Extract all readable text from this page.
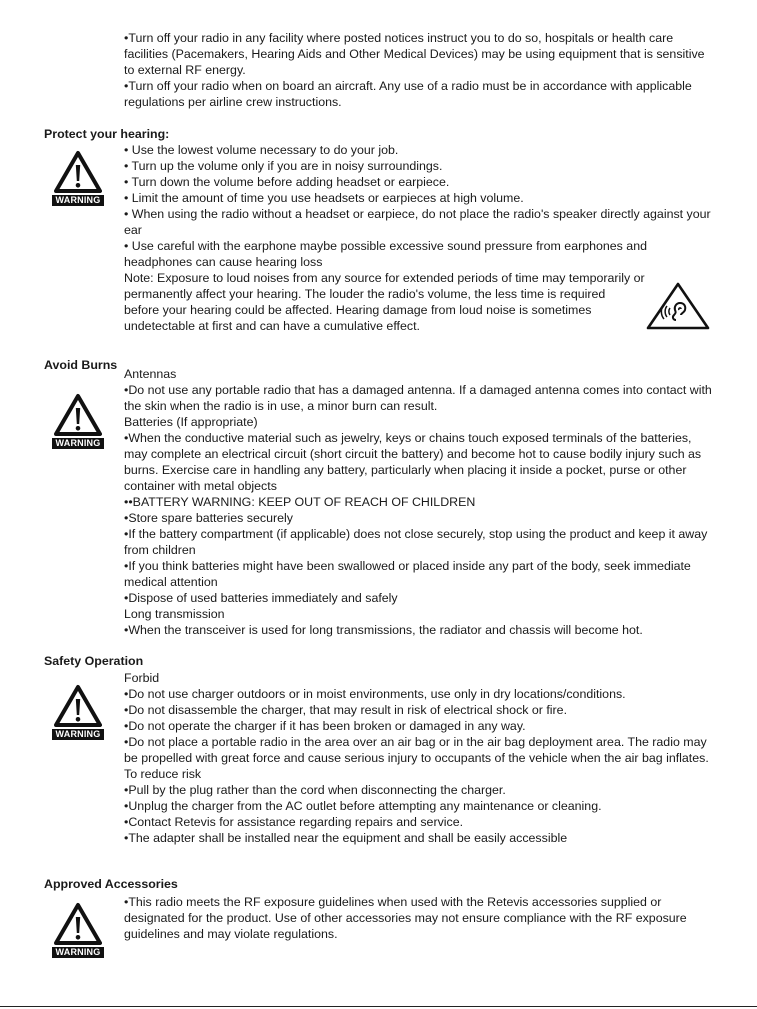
•Turn off your radio in any facility where posted notices instruct you to do so, hospitals or health care facilities (Pacemakers, Hearing Aids and Other Medical Devices) may be using equipment that is sensitive to external RF energy.
•Turn off your radio when on board an aircraft. Any use of a radio must be in accordance with applicable regulations per airline crew instructions.
Protect your hearing:
WARNING
• Use the lowest volume necessary to do your job.
• Turn up the volume only if you are in noisy surroundings.
• Turn down the volume before adding headset or earpiece.
• Limit the amount of time you use headsets or earpieces at high volume.
• When using the radio without a headset or earpiece, do not place the radio's speaker directly against your ear
• Use careful with the earphone maybe possible excessive sound pressure from earphones and headphones can cause hearing loss
Note: Exposure to loud noises from any source for extended periods of time may temporarily or
permanently affect your hearing. The louder the radio's volume, the less time is required
before your hearing could be affected. Hearing damage from loud noise is sometimes
undetectable at first and can have a cumulative effect.
Avoid Burns
WARNING
Antennas
•Do not use any portable radio that has a damaged antenna. If a damaged antenna comes into contact with the skin when the radio is in use, a minor burn can result.
Batteries (If appropriate)
•When the conductive material such as jewelry, keys or chains touch exposed terminals of the batteries, may complete an electrical circuit (short circuit the battery) and become hot to cause bodily injury such as burns. Exercise care in handling any battery, particularly when placing it inside a pocket, purse or other container with metal objects
••BATTERY WARNING: KEEP OUT OF REACH OF CHILDREN
•Store spare batteries securely
•If the battery compartment (if applicable) does not close securely, stop using the product and keep it away from children
•If you think batteries might have been swallowed or placed inside any part of the body, seek immediate medical attention
•Dispose of used batteries immediately and safely
Long transmission
•When the transceiver is used for long transmissions, the radiator and chassis will become hot.
Safety Operation
WARNING
Forbid
•Do not use charger outdoors or in moist environments, use only in dry locations/conditions.
•Do not disassemble the charger, that may result in risk of electrical shock or fire.
•Do not operate the charger if it has been broken or damaged in any way.
•Do not place a portable radio in the area over an air bag or in the air bag deployment area. The radio may be propelled with great force and cause serious injury to occupants of the vehicle when the air bag inflates.
To reduce risk
•Pull by the plug rather than the cord when disconnecting the charger.
•Unplug the charger from the AC outlet before attempting any maintenance or cleaning.
•Contact Retevis for assistance regarding repairs and service.
•The adapter shall be installed near the equipment and shall be easily accessible
Approved Accessories
WARNING
•This radio meets the RF exposure guidelines when used with the Retevis accessories supplied or designated for the product. Use of other accessories may not ensure compliance with the RF exposure guidelines and may violate regulations.
